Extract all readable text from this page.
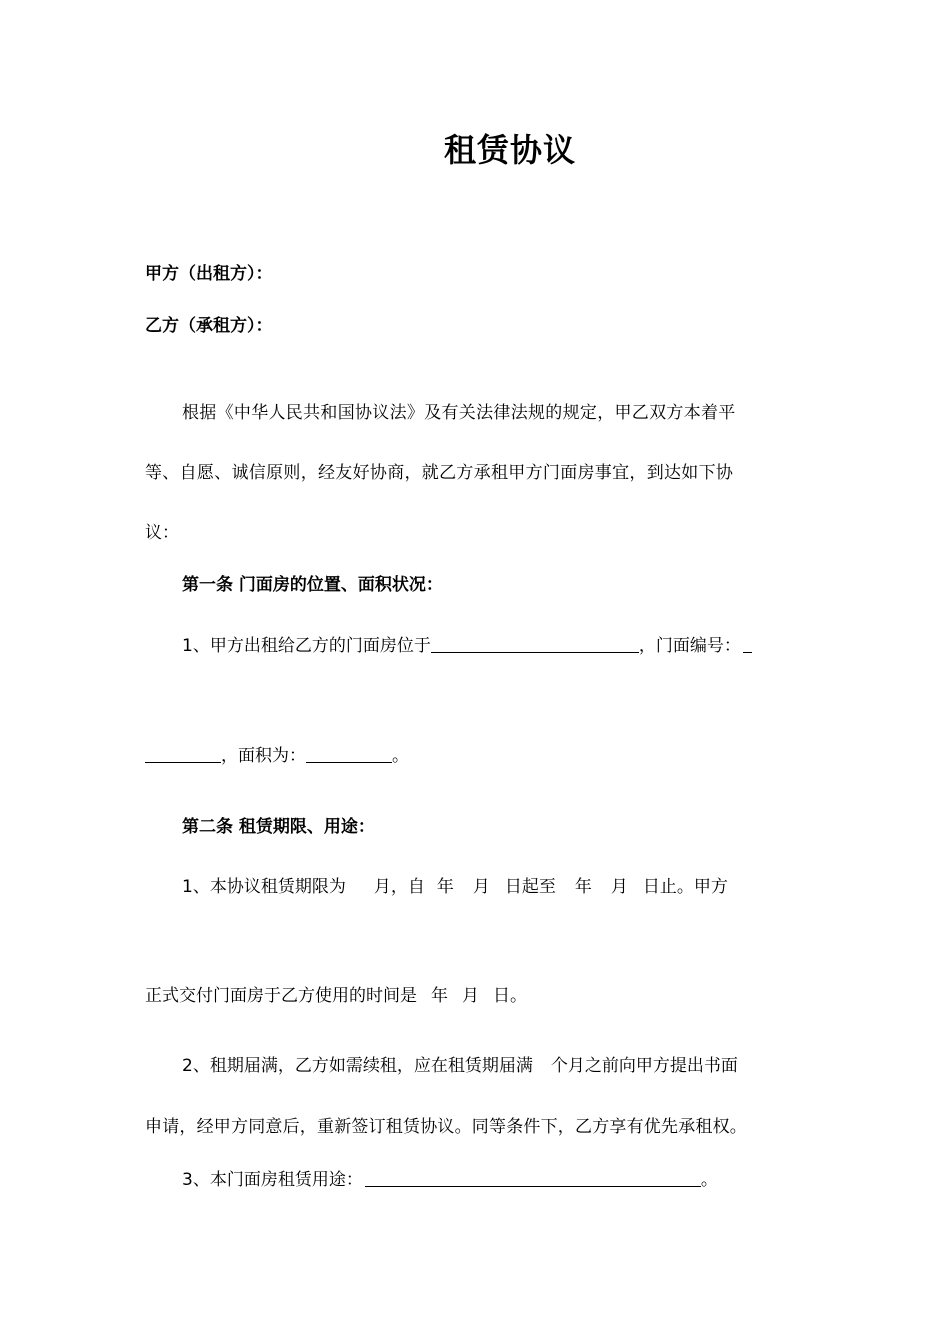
租赁协议
甲方（出租方）：
乙方（承租方）：
根据《中华人民共和国协议法》及有关法律法规的规定，甲乙双方本着平
等、自愿、诚信原则，经友好协商，就乙方承租甲方门面房事宜，到达如下协
议：
第一条 门面房的位置、面积状况：
1、甲方出租给乙方的门面房位于	，门面编号：
，面积为：	。
第二条 租赁期限、用途：
1、本协议租赁期限为 月，自 年 月 日起至 年 月 日止。甲方
正式交付门面房于乙方使用的时间是 年 月 日。
2、租期届满，乙方如需续租，应在租赁期届满 个月之前向甲方提出书面
申请，经甲方同意后，重新签订租赁协议。同等条件下，乙方享有优先承租权。
3、本门面房租赁用途：	。
